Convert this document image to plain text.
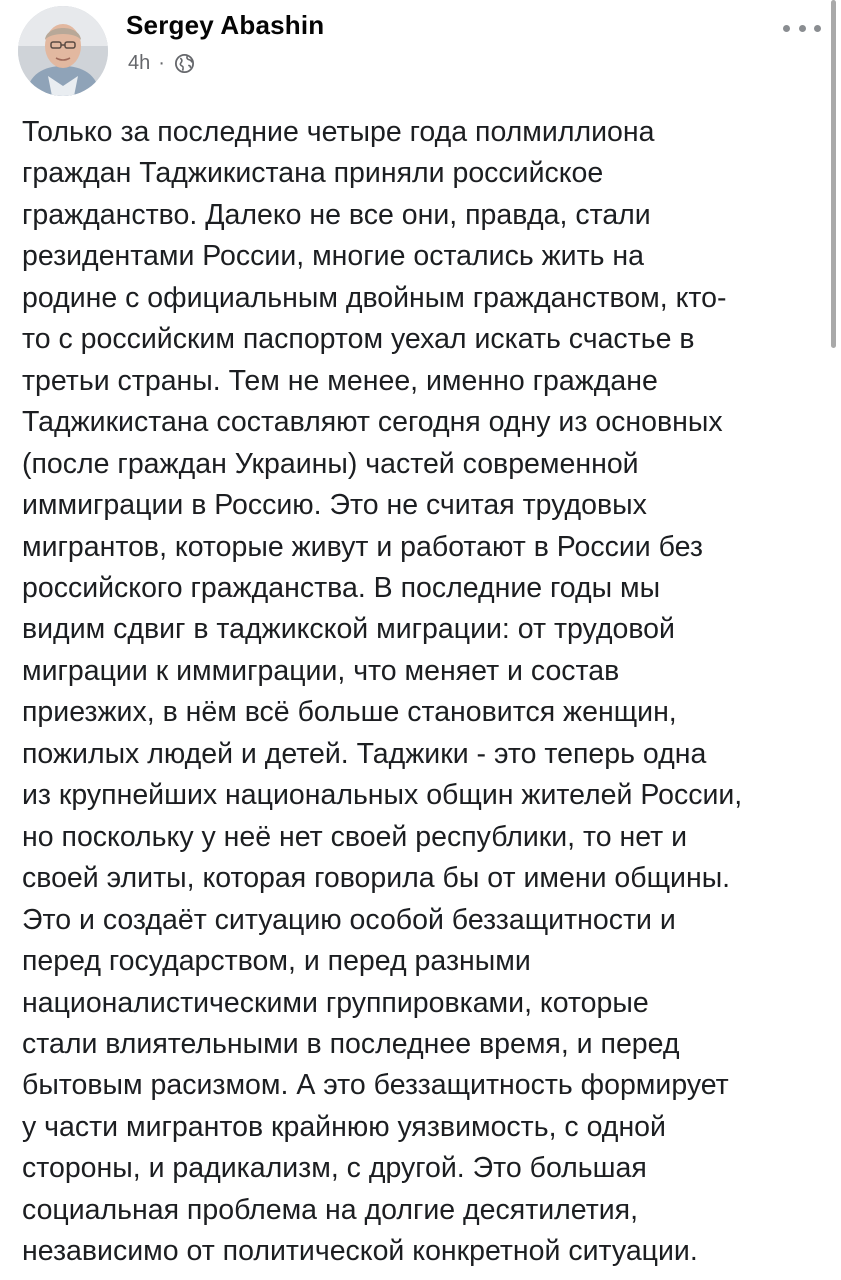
Sergey Abashin
4h ·

Только за последние четыре года полмиллиона
граждан Таджикистана приняли российское
гражданство. Далеко не все они, правда, стали
резидентами России, многие остались жить на
родине с официальным двойным гражданством, кто-
то с российским паспортом уехал искать счастье в
третьи страны. Тем не менее, именно граждане
Таджикистана составляют сегодня одну из основных
(после граждан Украины) частей современной
иммиграции в Россию. Это не считая трудовых
мигрантов, которые живут и работают в России без
российского гражданства. В последние годы мы
видим сдвиг в таджикской миграции: от трудовой
миграции к иммиграции, что меняет и состав
приезжих, в нём всё больше становится женщин,
пожилых людей и детей. Таджики - это теперь одна
из крупнейших национальных общин жителей России,
но поскольку у неё нет своей республики, то нет и
своей элиты, которая говорила бы от имени общины.
Это и создаёт ситуацию особой беззащитности и
перед государством, и перед разными
националистическими группировками, которые
стали влиятельными в последнее время, и перед
бытовым расизмом. А это беззащитность формирует
у части мигрантов крайнюю уязвимость, с одной
стороны, и радикализм, с другой. Это большая
социальная проблема на долгие десятилетия,
независимо от политической конкретной ситуации.
